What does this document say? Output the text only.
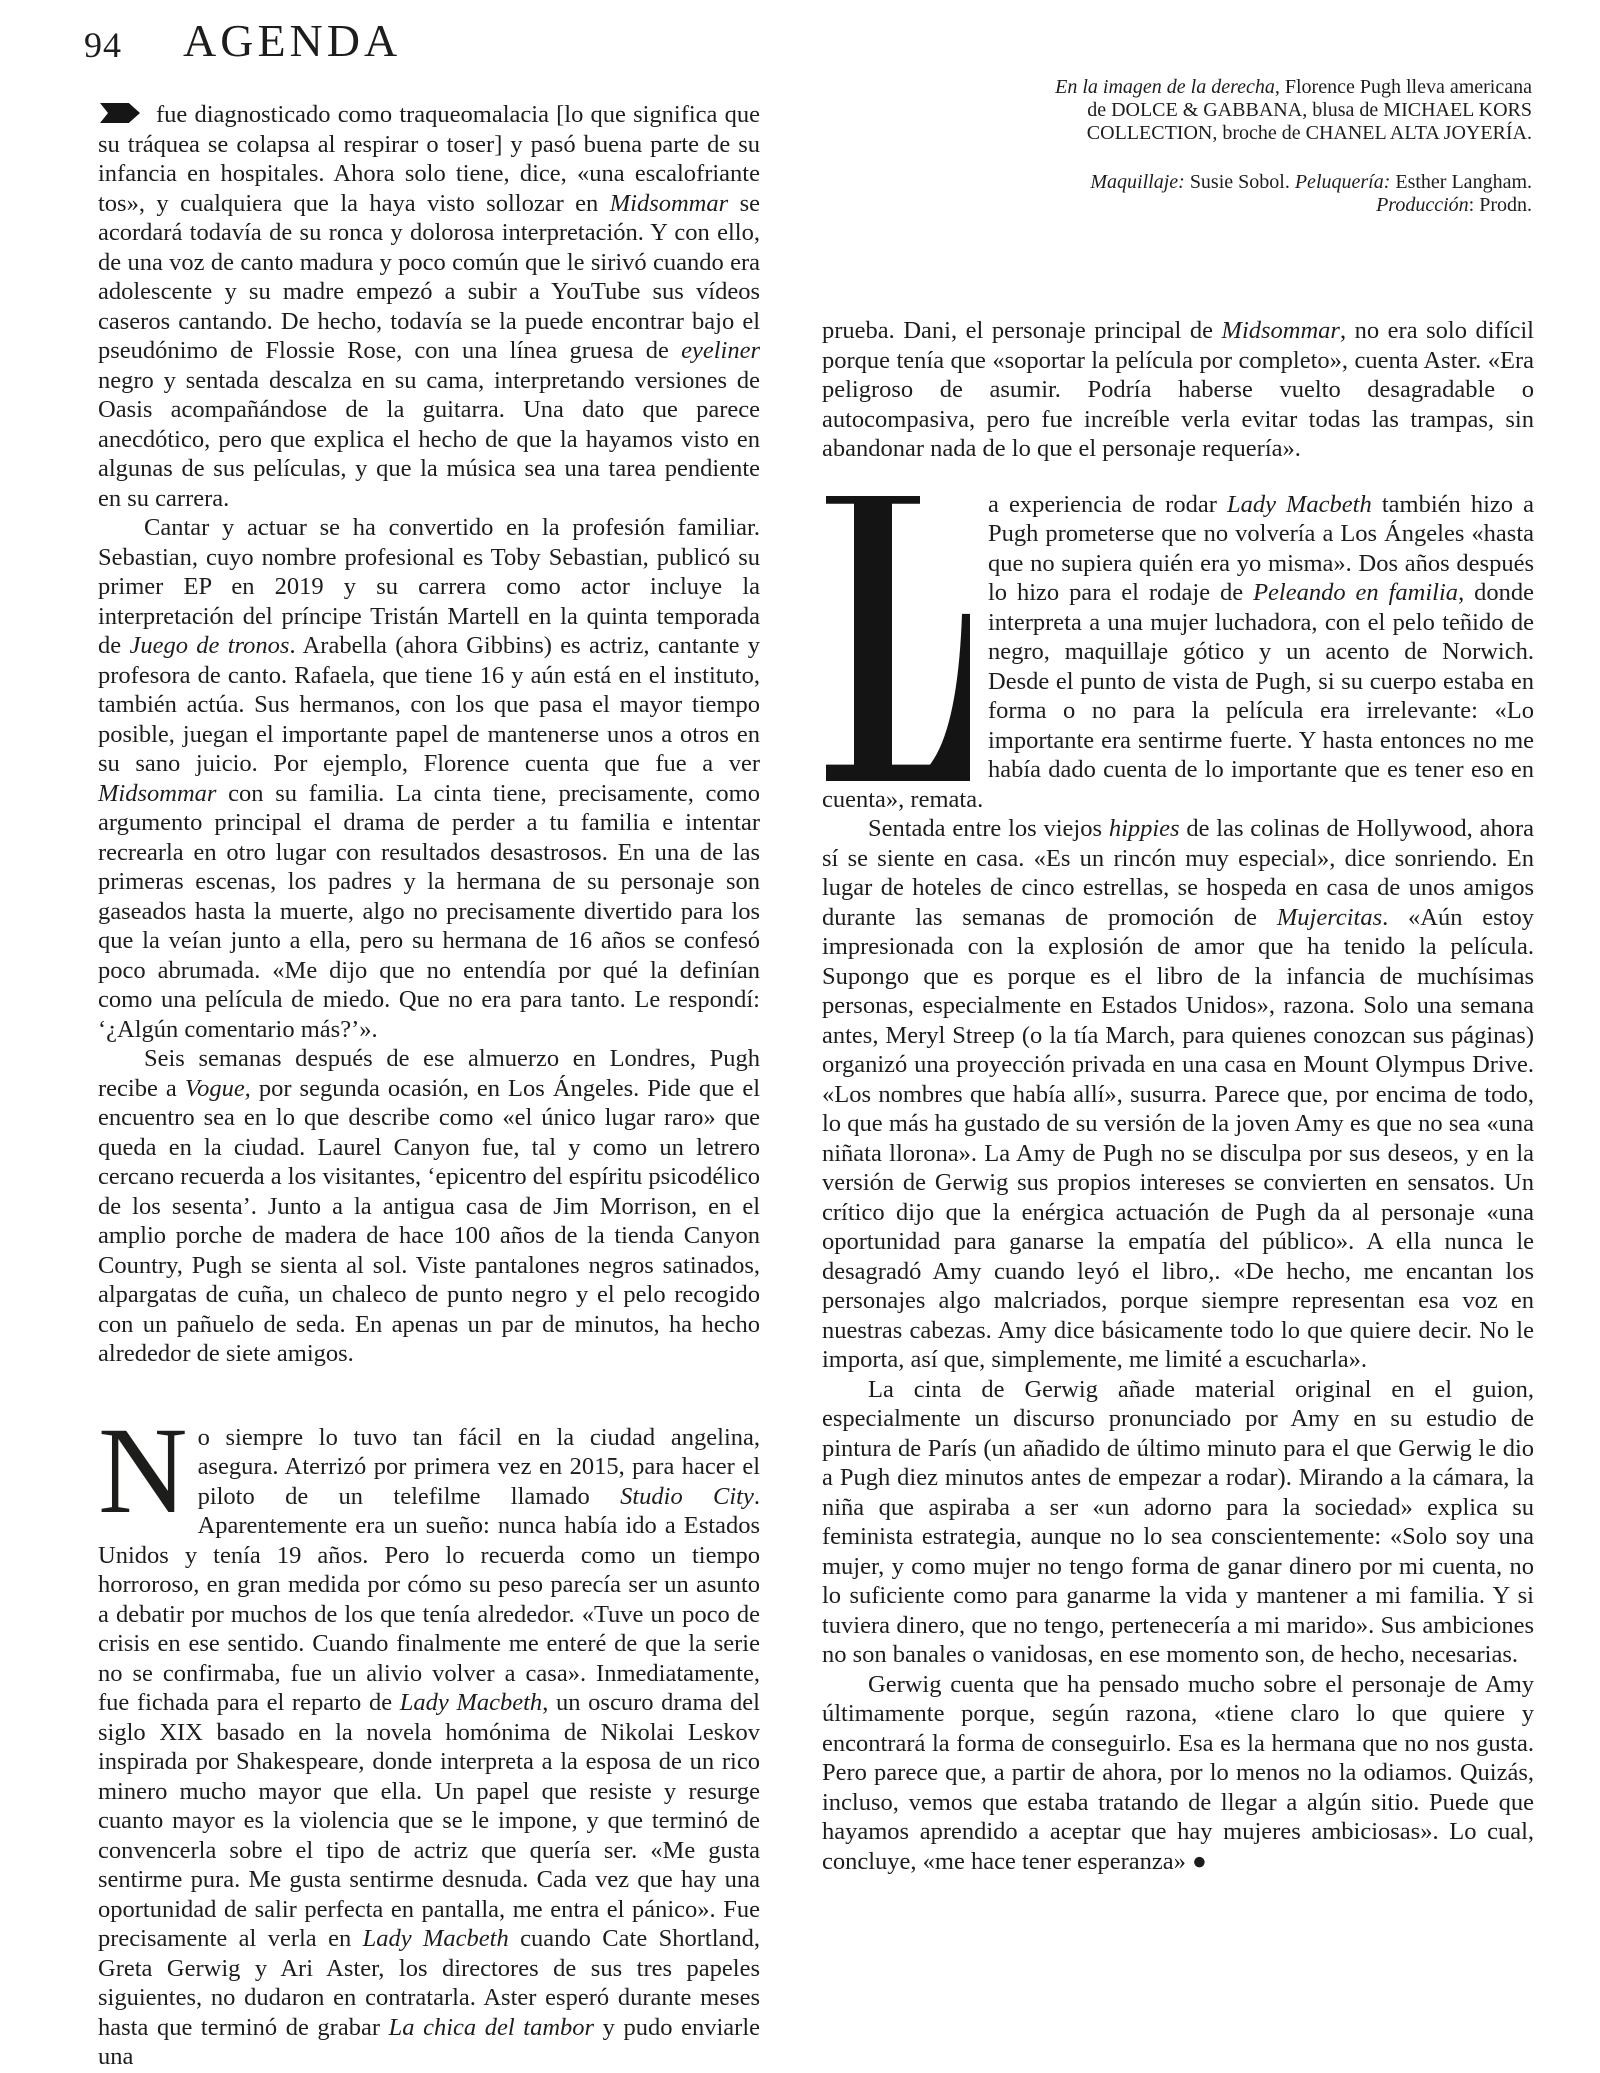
94 AGENDA

En la imagen de la derecha, Florence Pugh lleva americana de DOLCE & GABBANA, blusa de MICHAEL KORS COLLECTION, broche de CHANEL ALTA JOYERÍA.

Maquillaje: Susie Sobol. Peluquería: Esther Langham. Producción: Prodn.

fue diagnosticado como traqueomalacia [lo que significa que su tráquea se colapsa al respirar o toser] y pasó buena parte de su infancia en hospitales. Ahora solo tiene, dice, «una escalofriante tos», y cualquiera que la haya visto sollozar en Midsommar se acordará todavía de su ronca y dolorosa interpretación. Y con ello, de una voz de canto madura y poco común que le sirivó cuando era adolescente y su madre empezó a subir a YouTube sus vídeos caseros cantando. De hecho, todavía se la puede encontrar bajo el pseudónimo de Flossie Rose, con una línea gruesa de eyeliner negro y sentada descalza en su cama, interpretando versiones de Oasis acompañándose de la guitarra. Una dato que parece anecdótico, pero que explica el hecho de que la hayamos visto en algunas de sus películas, y que la música sea una tarea pendiente en su carrera.

Cantar y actuar se ha convertido en la profesión familiar. Sebastian, cuyo nombre profesional es Toby Sebastian, publicó su primer EP en 2019 y su carrera como actor incluye la interpretación del príncipe Tristán Martell en la quinta temporada de Juego de tronos. Arabella (ahora Gibbins) es actriz, cantante y profesora de canto. Rafaela, que tiene 16 y aún está en el instituto, también actúa. Sus hermanos, con los que pasa el mayor tiempo posible, juegan el importante papel de mantenerse unos a otros en su sano juicio. Por ejemplo, Florence cuenta que fue a ver Midsommar con su familia. La cinta tiene, precisamente, como argumento principal el drama de perder a tu familia e intentar recrearla en otro lugar con resultados desastrosos. En una de las primeras escenas, los padres y la hermana de su personaje son gaseados hasta la muerte, algo no precisamente divertido para los que la veían junto a ella, pero su hermana de 16 años se confesó poco abrumada. «Me dijo que no entendía por qué la definían como una película de miedo. Que no era para tanto. Le respondí: ‘¿Algún comentario más?’».

Seis semanas después de ese almuerzo en Londres, Pugh recibe a Vogue, por segunda ocasión, en Los Ángeles. Pide que el encuentro sea en lo que describe como «el único lugar raro» que queda en la ciudad. Laurel Canyon fue, tal y como un letrero cercano recuerda a los visitantes, ‘epicentro del espíritu psicodélico de los sesenta’. Junto a la antigua casa de Jim Morrison, en el amplio porche de madera de hace 100 años de la tienda Canyon Country, Pugh se sienta al sol. Viste pantalones negros satinados, alpargatas de cuña, un chaleco de punto negro y el pelo recogido con un pañuelo de seda. En apenas un par de minutos, ha hecho alrededor de siete amigos.

No siempre lo tuvo tan fácil en la ciudad angelina, asegura. Aterrizó por primera vez en 2015, para hacer el piloto de un telefilme llamado Studio City. Aparentemente era un sueño: nunca había ido a Estados Unidos y tenía 19 años. Pero lo recuerda como un tiempo horroroso, en gran medida por cómo su peso parecía ser un asunto a debatir por muchos de los que tenía alrededor. «Tuve un poco de crisis en ese sentido. Cuando finalmente me enteré de que la serie no se confirmaba, fue un alivio volver a casa». Inmediatamente, fue fichada para el reparto de Lady Macbeth, un oscuro drama del siglo XIX basado en la novela homónima de Nikolai Leskov inspirada por Shakespeare, donde interpreta a la esposa de un rico minero mucho mayor que ella. Un papel que resiste y resurge cuanto mayor es la violencia que se le impone, y que terminó de convencerla sobre el tipo de actriz que quería ser. «Me gusta sentirme pura. Me gusta sentirme desnuda. Cada vez que hay una oportunidad de salir perfecta en pantalla, me entra el pánico». Fue precisamente al verla en Lady Macbeth cuando Cate Shortland, Greta Gerwig y Ari Aster, los directores de sus tres papeles siguientes, no dudaron en contratarla. Aster esperó durante meses hasta que terminó de grabar La chica del tambor y pudo enviarle una

prueba. Dani, el personaje principal de Midsommar, no era solo difícil porque tenía que «soportar la película por completo», cuenta Aster. «Era peligroso de asumir. Podría haberse vuelto desagradable o autocompasiva, pero fue increíble verla evitar todas las trampas, sin abandonar nada de lo que el personaje requería».

a experiencia de rodar Lady Macbeth también hizo a Pugh prometerse que no volvería a Los Ángeles «hasta que no supiera quién era yo misma». Dos años después lo hizo para el rodaje de Peleando en familia, donde interpreta a una mujer luchadora, con el pelo teñido de negro, maquillaje gótico y un acento de Norwich. Desde el punto de vista de Pugh, si su cuerpo estaba en forma o no para la película era irrelevante: «Lo importante era sentirme fuerte. Y hasta entonces no me había dado cuenta de lo importante que es tener eso en cuenta», remata.

Sentada entre los viejos hippies de las colinas de Hollywood, ahora sí se siente en casa. «Es un rincón muy especial», dice sonriendo. En lugar de hoteles de cinco estrellas, se hospeda en casa de unos amigos durante las semanas de promoción de Mujercitas. «Aún estoy impresionada con la explosión de amor que ha tenido la película. Supongo que es porque es el libro de la infancia de muchísimas personas, especialmente en Estados Unidos», razona. Solo una semana antes, Meryl Streep (o la tía March, para quienes conozcan sus páginas) organizó una proyección privada en una casa en Mount Olympus Drive. «Los nombres que había allí», susurra. Parece que, por encima de todo, lo que más ha gustado de su versión de la joven Amy es que no sea «una niñata llorona». La Amy de Pugh no se disculpa por sus deseos, y en la versión de Gerwig sus propios intereses se convierten en sensatos. Un crítico dijo que la enérgica actuación de Pugh da al personaje «una oportunidad para ganarse la empatía del público». A ella nunca le desagradó Amy cuando leyó el libro,. «De hecho, me encantan los personajes algo malcriados, porque siempre representan esa voz en nuestras cabezas. Amy dice básicamente todo lo que quiere decir. No le importa, así que, simplemente, me limité a escucharla».

La cinta de Gerwig añade material original en el guion, especialmente un discurso pronunciado por Amy en su estudio de pintura de París (un añadido de último minuto para el que Gerwig le dio a Pugh diez minutos antes de empezar a rodar). Mirando a la cámara, la niña que aspiraba a ser «un adorno para la sociedad» explica su feminista estrategia, aunque no lo sea conscientemente: «Solo soy una mujer, y como mujer no tengo forma de ganar dinero por mi cuenta, no lo suficiente como para ganarme la vida y mantener a mi familia. Y si tuviera dinero, que no tengo, pertenecería a mi marido». Sus ambiciones no son banales o vanidosas, en ese momento son, de hecho, necesarias.

Gerwig cuenta que ha pensado mucho sobre el personaje de Amy últimamente porque, según razona, «tiene claro lo que quiere y encontrará la forma de conseguirlo. Esa es la hermana que no nos gusta. Pero parece que, a partir de ahora, por lo menos no la odiamos. Quizás, incluso, vemos que estaba tratando de llegar a algún sitio. Puede que hayamos aprendido a aceptar que hay mujeres ambiciosas». Lo cual, concluye, «me hace tener esperanza» ●
